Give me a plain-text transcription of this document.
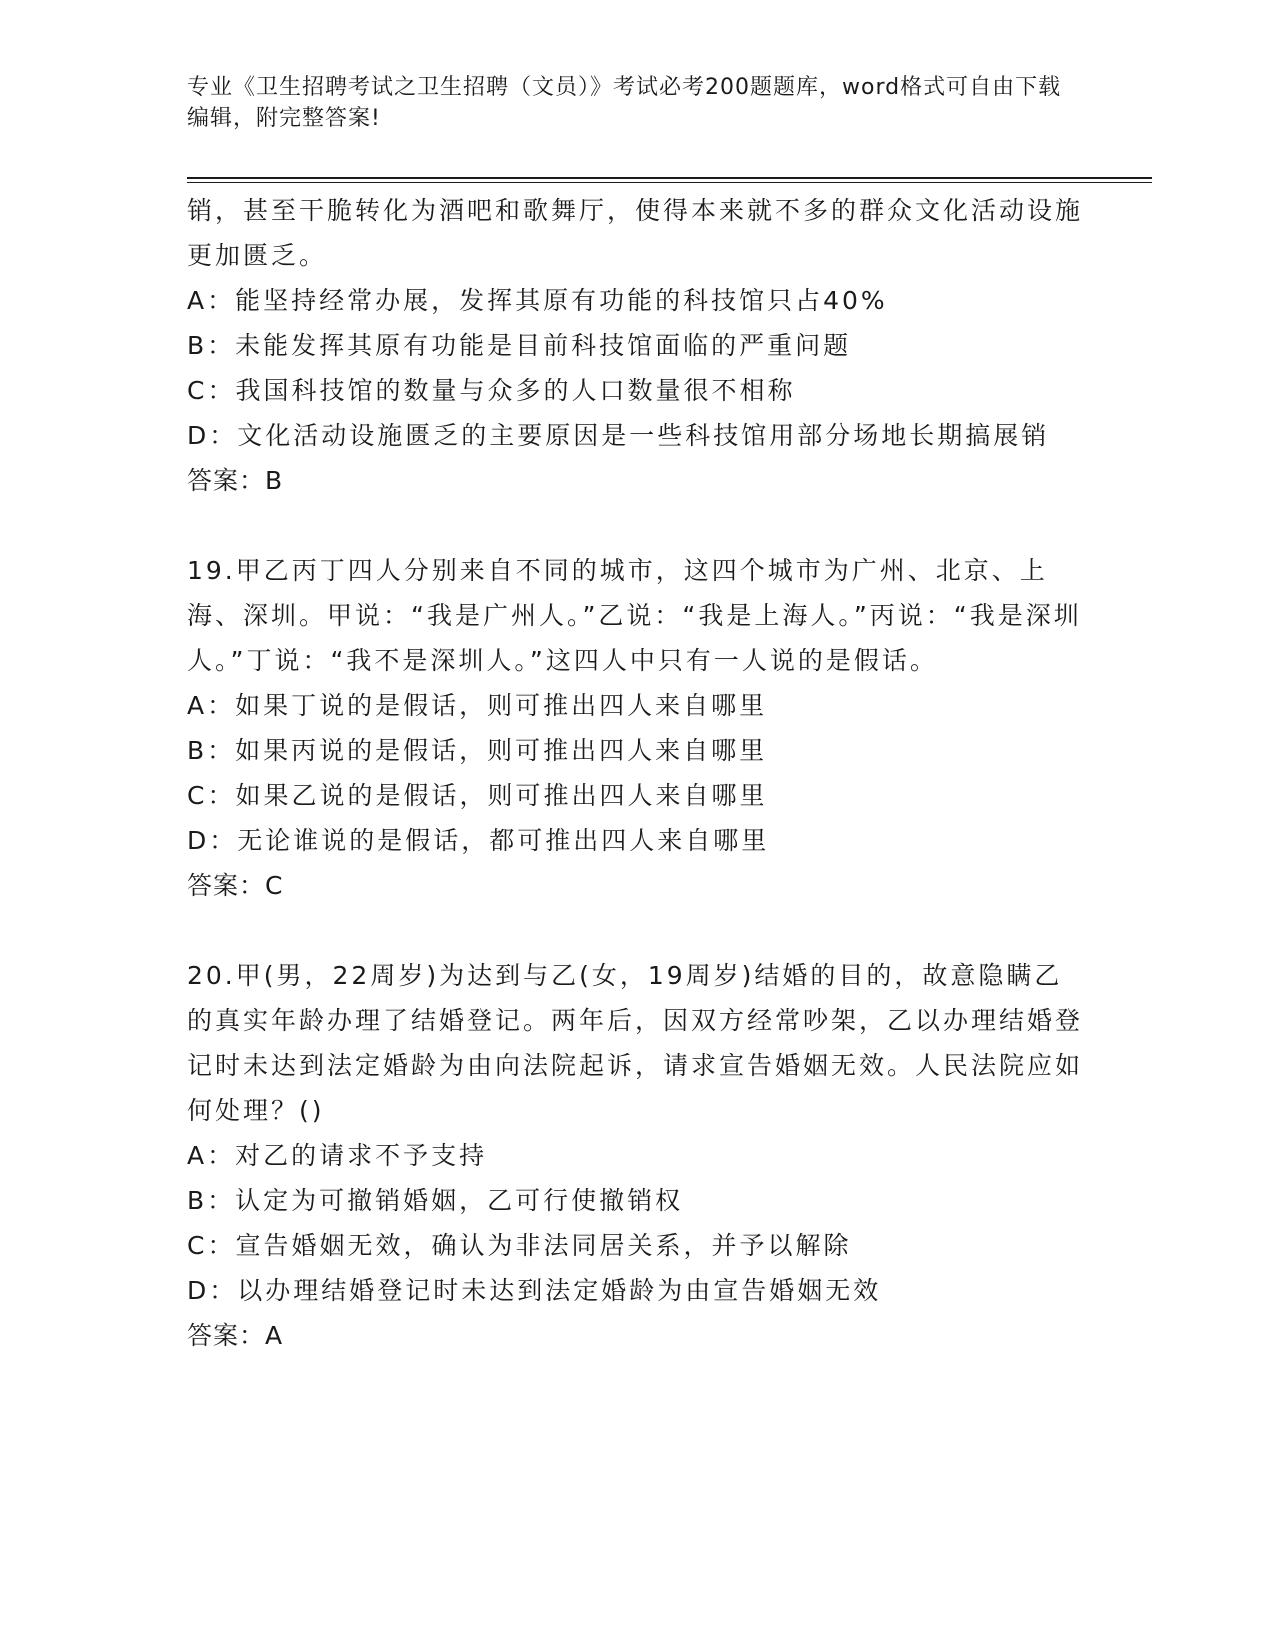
专业《卫生招聘考试之卫生招聘（文员）》考试必考200题题库，word格式可自由下载编辑，附完整答案!

销，甚至干脆转化为酒吧和歌舞厅，使得本来就不多的群众文化活动设施更加匮乏。

A：能坚持经常办展，发挥其原有功能的科技馆只占40%

B：未能发挥其原有功能是目前科技馆面临的严重问题

C：我国科技馆的数量与众多的人口数量很不相称

D：文化活动设施匮乏的主要原因是一些科技馆用部分场地长期搞展销

答案：B

19.甲乙丙丁四人分别来自不同的城市，这四个城市为广州、北京、上海、深圳。甲说：“我是广州人。”乙说：“我是上海人。”丙说：“我是深圳人。”丁说：“我不是深圳人。”这四人中只有一人说的是假话。

A：如果丁说的是假话，则可推出四人来自哪里

B：如果丙说的是假话，则可推出四人来自哪里

C：如果乙说的是假话，则可推出四人来自哪里

D：无论谁说的是假话，都可推出四人来自哪里

答案：C

20.甲(男，22周岁)为达到与乙(女，19周岁)结婚的目的，故意隐瞒乙的真实年龄办理了结婚登记。两年后，因双方经常吵架，乙以办理结婚登记时未达到法定婚龄为由向法院起诉，请求宣告婚姻无效。人民法院应如何处理？()

A：对乙的请求不予支持

B：认定为可撤销婚姻，乙可行使撤销权

C：宣告婚姻无效，确认为非法同居关系，并予以解除

D：以办理结婚登记时未达到法定婚龄为由宣告婚姻无效

答案：A
